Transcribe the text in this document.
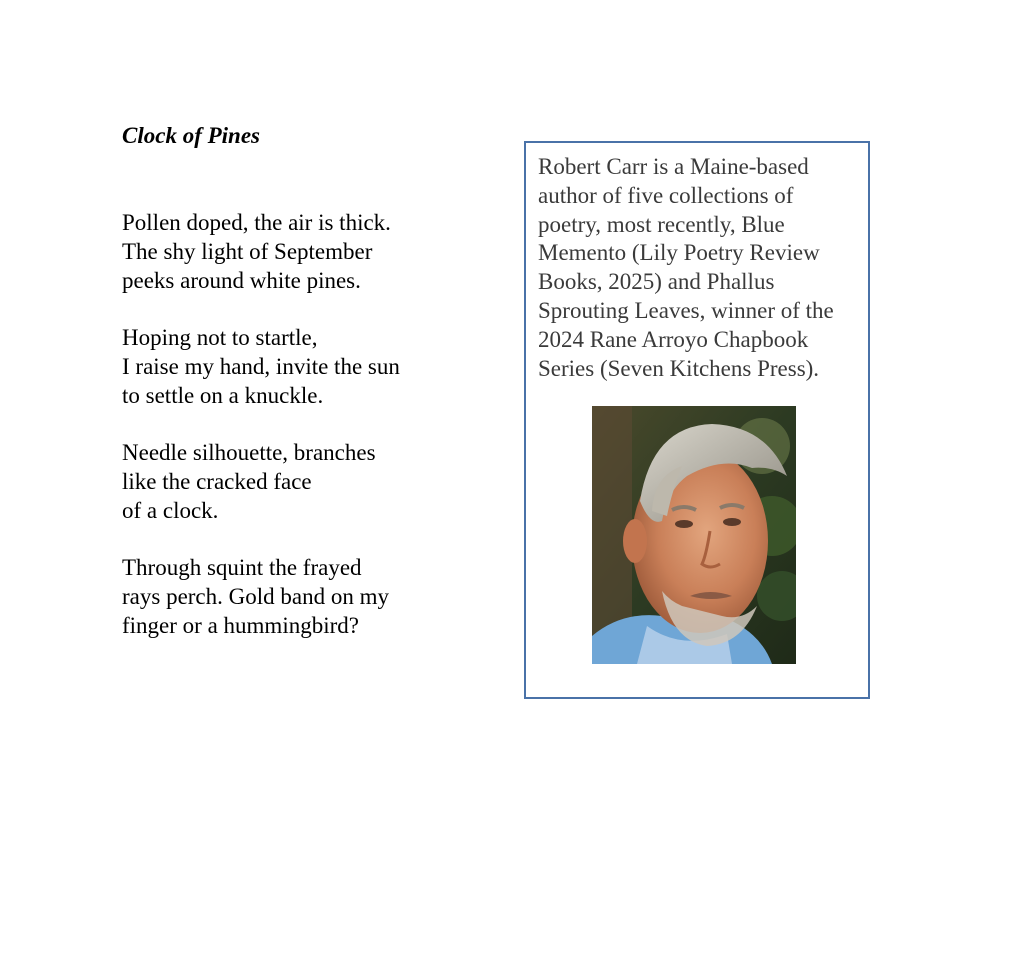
Clock of Pines

Pollen doped, the air is thick.
The shy light of September
peeks around white pines.

Hoping not to startle,
I raise my hand, invite the sun
to settle on a knuckle.

Needle silhouette, branches
like the cracked face
of a clock.

Through squint the frayed
rays perch. Gold band on my
finger or a hummingbird?

Robert Carr is a Maine-based
author of five collections of
poetry, most recently, Blue
Memento (Lily Poetry Review
Books, 2025) and Phallus
Sprouting Leaves, winner of the
2024 Rane Arroyo Chapbook
Series (Seven Kitchens Press).
